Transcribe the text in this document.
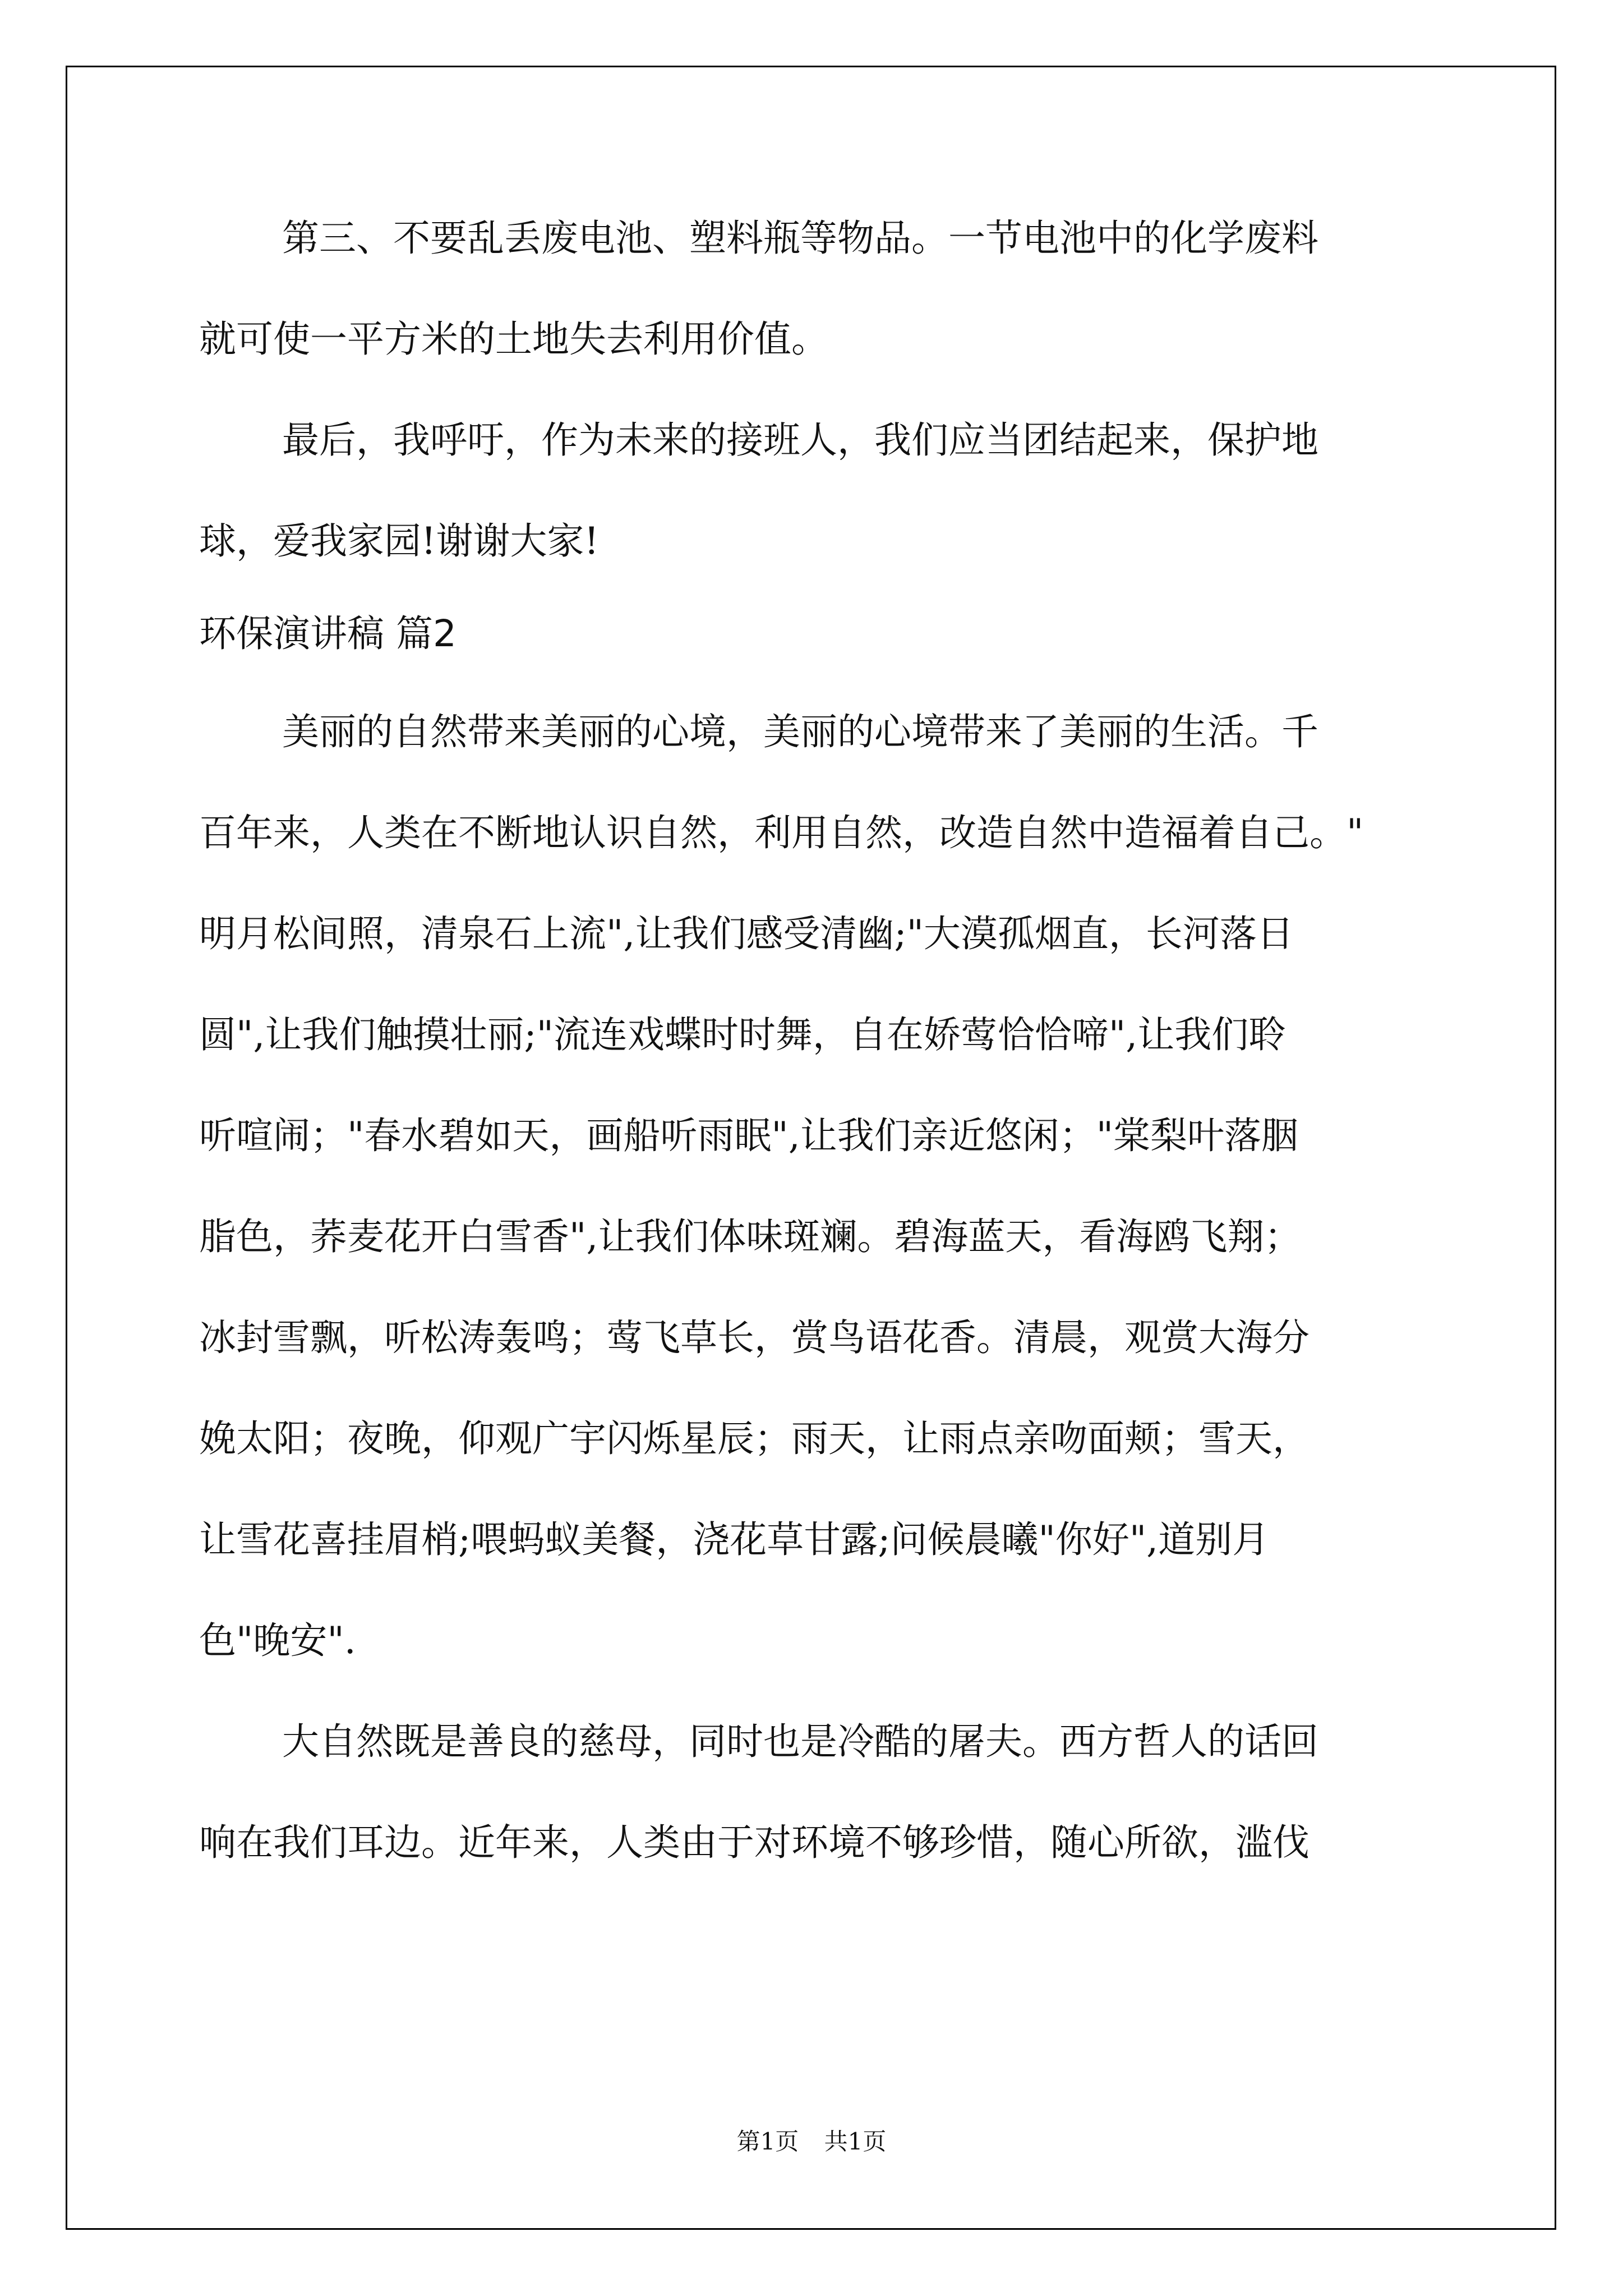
第三、不要乱丢废电池、塑料瓶等物品。一节电池中的化学废料
就可使一平方米的土地失去利用价值。
最后，我呼吁，作为未来的接班人，我们应当团结起来，保护地
球，爱我家园!谢谢大家!
环保演讲稿 篇2
美丽的自然带来美丽的心境，美丽的心境带来了美丽的生活。千
百年来，人类在不断地认识自然，利用自然，改造自然中造福着自己。"
明月松间照，清泉石上流",让我们感受清幽;"大漠孤烟直，长河落日
圆",让我们触摸壮丽;"流连戏蝶时时舞，自在娇莺恰恰啼",让我们聆
听喧闹；"春水碧如天，画船听雨眠",让我们亲近悠闲；"棠梨叶落胭
脂色，荞麦花开白雪香",让我们体味斑斓。碧海蓝天，看海鸥飞翔；
冰封雪飘，听松涛轰鸣；莺飞草长，赏鸟语花香。清晨，观赏大海分
娩太阳；夜晚，仰观广宇闪烁星辰；雨天，让雨点亲吻面颊；雪天，
让雪花喜挂眉梢;喂蚂蚁美餐，浇花草甘露;问候晨曦"你好",道别月
色"晚安".
大自然既是善良的慈母，同时也是冷酷的屠夫。西方哲人的话回
响在我们耳边。近年来，人类由于对环境不够珍惜，随心所欲，滥伐
第1页 共1页
